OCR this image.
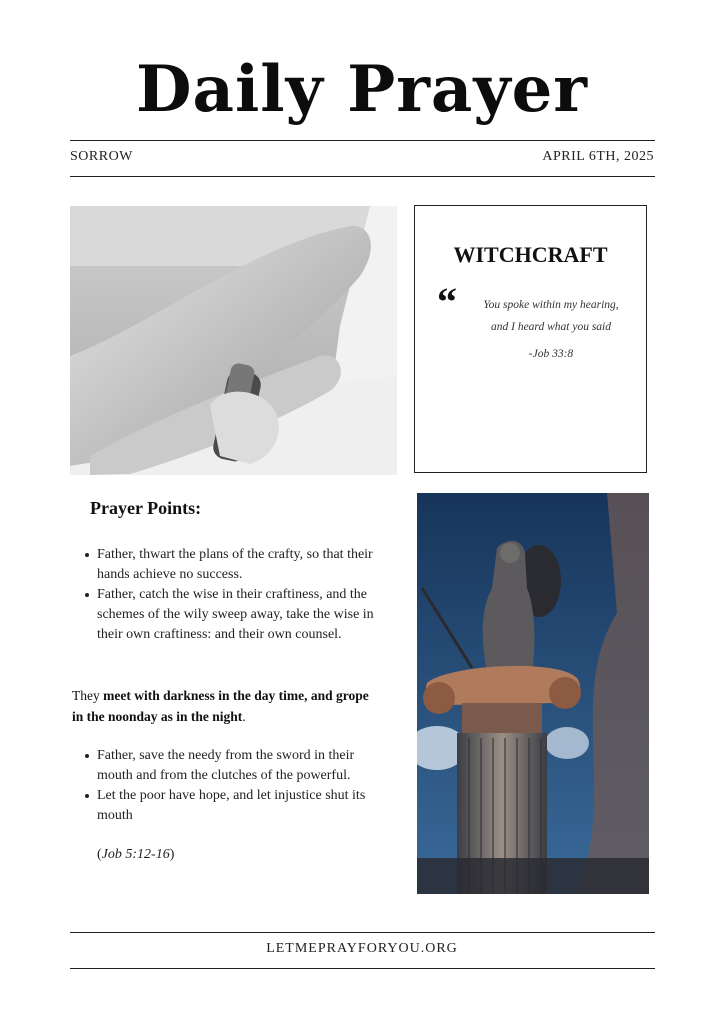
Daily Prayer
SORROW	APRIL 6TH, 2025
WITCHCRAFT
“	You spoke within my hearing,
and I heard what you said
-Job 33:8
Prayer Points:
Father, thwart the plans of the crafty, so that their hands achieve no success.
Father, catch the wise in their craftiness, and the schemes of the wily sweep away, take the wise in their own craftiness: and their own counsel.
They meet with darkness in the day time, and grope in the noonday as in the night.
Father, save the needy from the sword in their mouth and from the clutches of the powerful.
Let the poor have hope, and let injustice shut its mouth
(Job 5:12-16)
LETMEPRAYFORYOU.ORG
